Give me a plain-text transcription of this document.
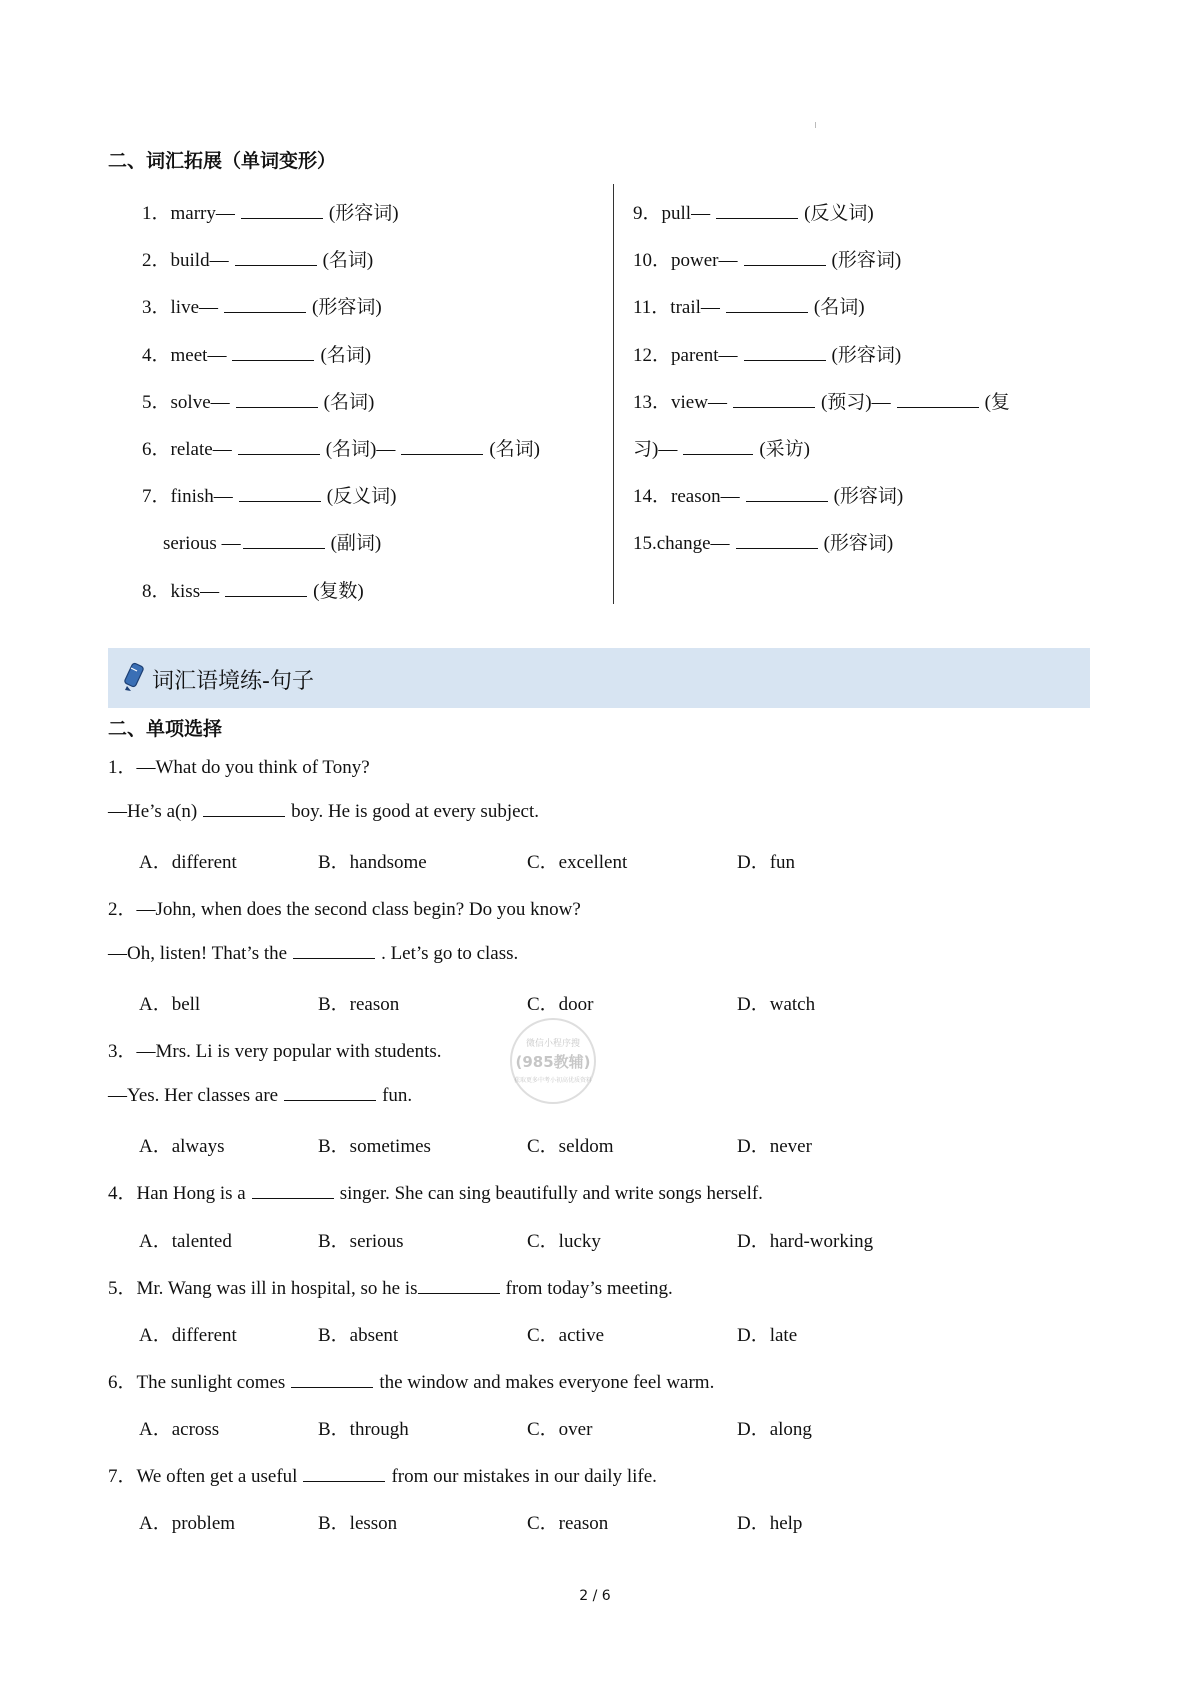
二、词汇拓展（单词变形）
1．marry—	(形容词)
2．build—	(名词)
3．live—	(形容词)
4．meet—	(名词)
5．solve—	(名词)
6．relate—	(名词)—	(名词)
7．finish—	(反义词)
serious —	(副词)
8．kiss—	(复数)
9．pull—	(反义词)
10．power—	(形容词)
11．trail—	(名词)
12．parent—	(形容词)
13．view—	(预习)—	(复
习)—	(采访)
14．reason—	(形容词)
15.change—	(形容词)
词汇语境练-句子
二、单项选择
1．—What do you think of Tony?
—He’s a(n)	boy. He is good at every subject.
A．different	B．handsome	C．excellent	D．fun
2．—John, when does the second class begin? Do you know?
—Oh, listen! That’s the	. Let’s go to class.
A．bell	B．reason	C．door	D．watch
3．—Mrs. Li is very popular with students.
—Yes. Her classes are	fun.
A．always	B．sometimes	C．seldom	D．never
4．Han Hong is a	singer. She can sing beautifully and write songs herself.
A．talented	B．serious	C．lucky	D．hard-working
5．Mr. Wang was ill in hospital, so he is	from today’s meeting.
A．different	B．absent	C．active	D．late
6．The sunlight comes	the window and makes everyone feel warm.
A．across	B．through	C．over	D．along
7．We often get a useful	from our mistakes in our daily life.
A．problem	B．lesson	C．reason	D．help
微信小程序搜
(985教辅)
获取更多中考小初高优质资料
2 / 6
